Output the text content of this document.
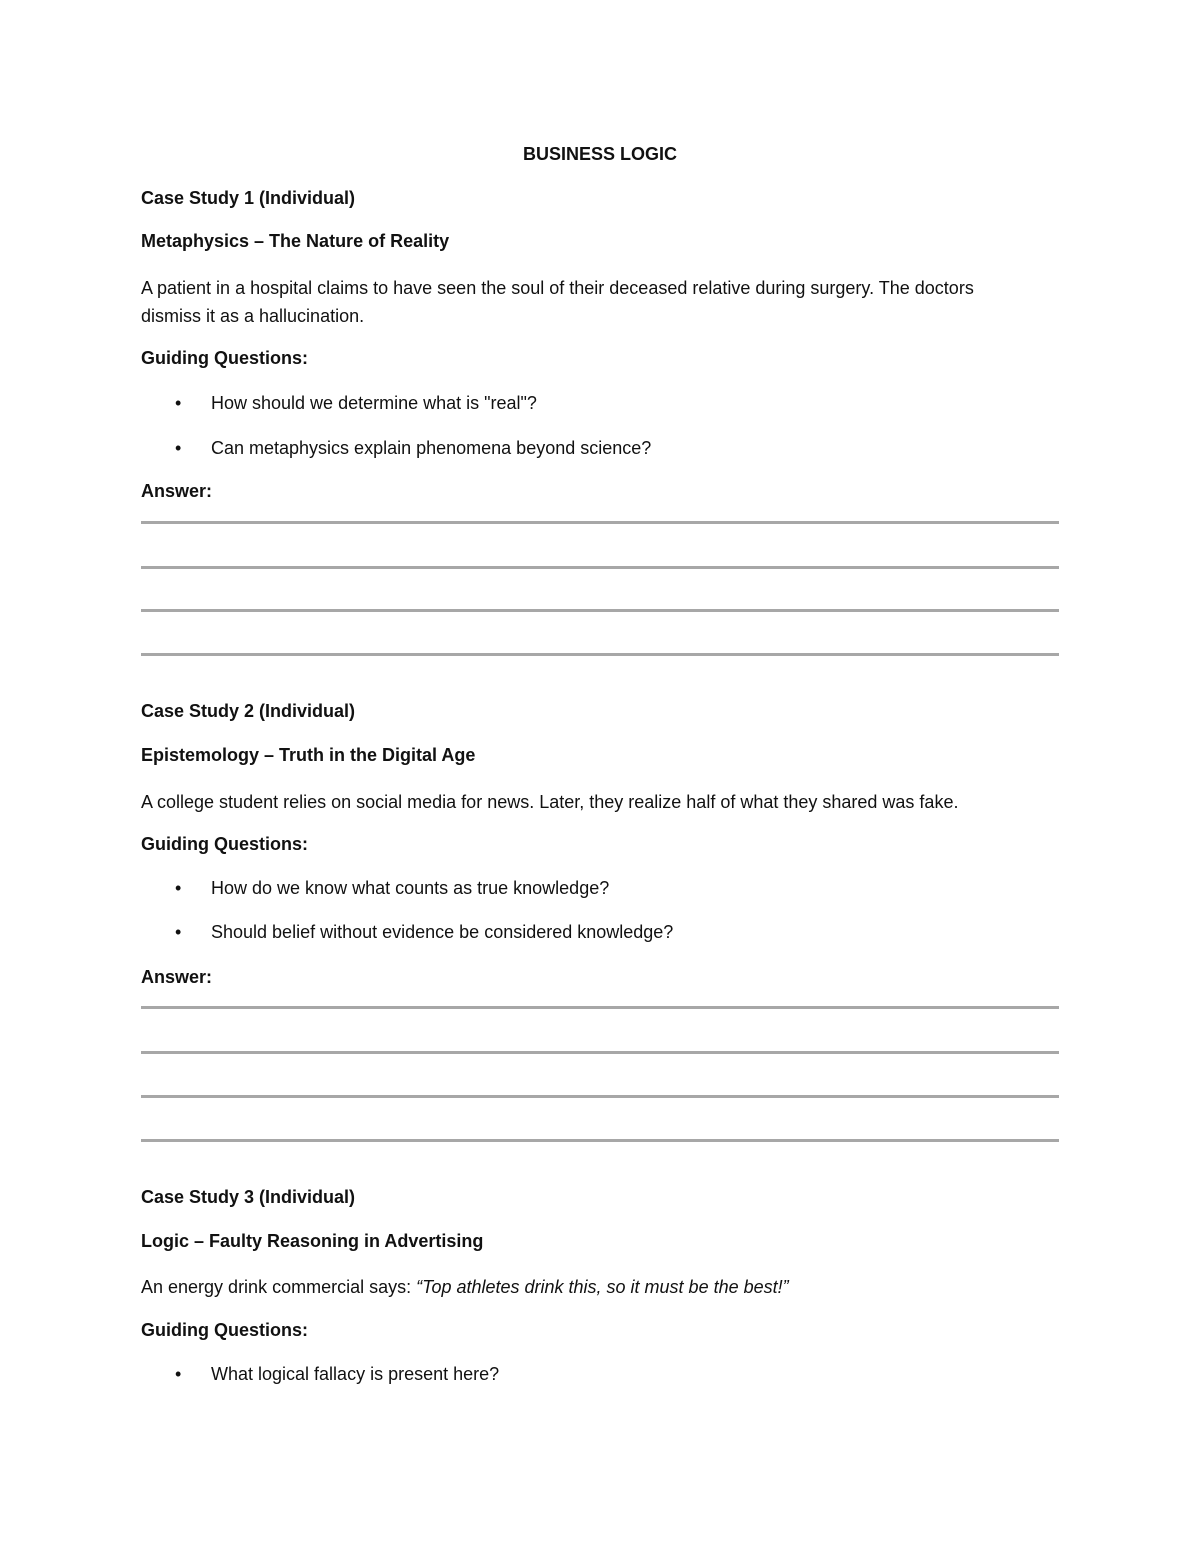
BUSINESS LOGIC
Case Study 1 (Individual)
Metaphysics – The Nature of Reality
A patient in a hospital claims to have seen the soul of their deceased relative during surgery. The doctors
dismiss it as a hallucination.
Guiding Questions:
• How should we determine what is "real"?
• Can metaphysics explain phenomena beyond science?
Answer:
Case Study 2 (Individual)
Epistemology – Truth in the Digital Age
A college student relies on social media for news. Later, they realize half of what they shared was fake.
Guiding Questions:
• How do we know what counts as true knowledge?
• Should belief without evidence be considered knowledge?
Answer:
Case Study 3 (Individual)
Logic – Faulty Reasoning in Advertising
An energy drink commercial says: “Top athletes drink this, so it must be the best!”
Guiding Questions:
• What logical fallacy is present here?
